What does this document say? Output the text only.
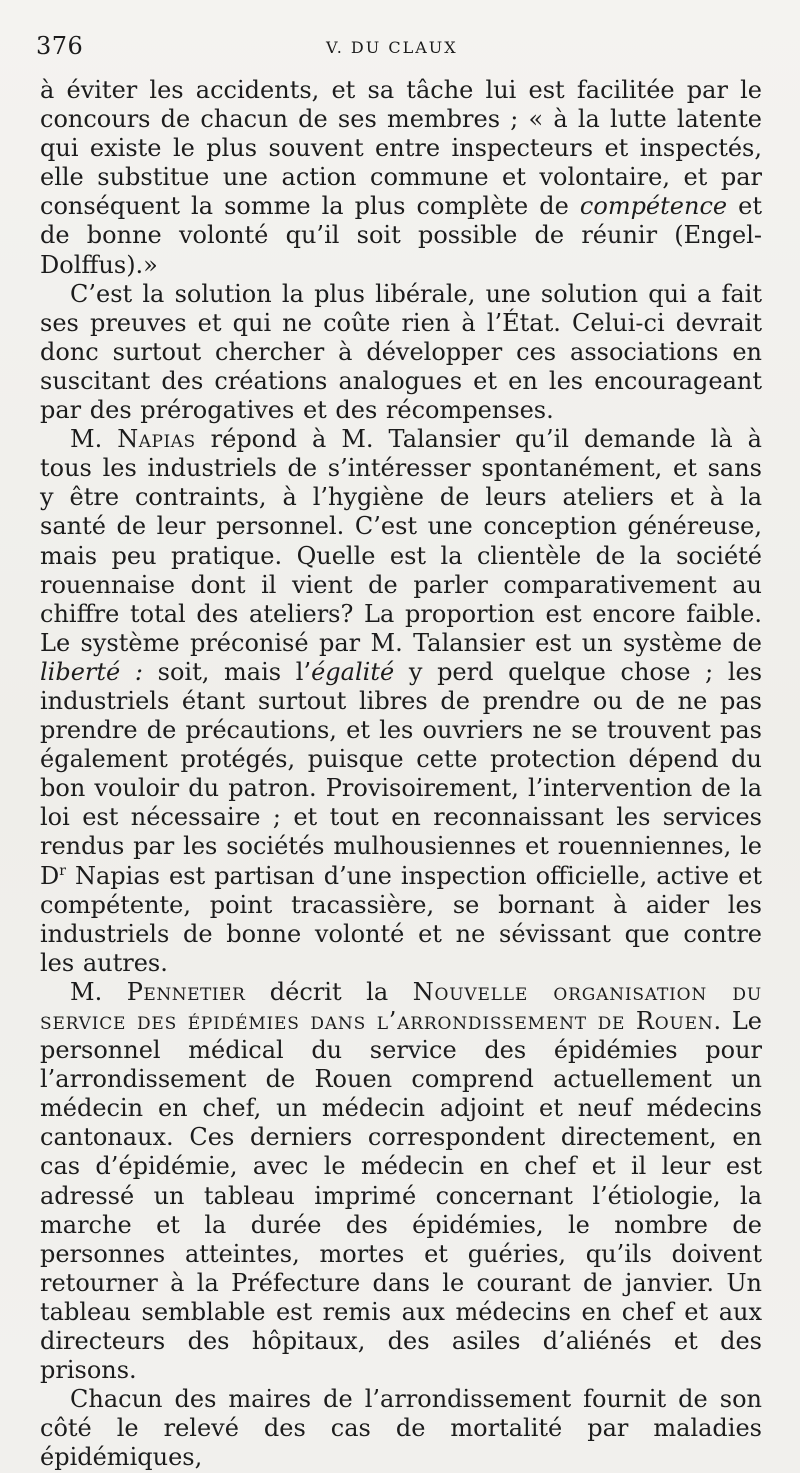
376	V. DU CLAUX

à éviter les accidents, et sa tâche lui est facilitée par le concours de chacun de ses membres ; « à la lutte latente qui existe le plus souvent entre inspecteurs et inspectés, elle substitue une action commune et volontaire, et par conséquent la somme la plus complète de compétence et de bonne volonté qu’il soit possible de réunir (Engel-Dolffus).»

C’est la solution la plus libérale, une solution qui a fait ses preuves et qui ne coûte rien à l’État. Celui-ci devrait donc surtout chercher à développer ces associations en suscitant des créations analogues et en les encourageant par des prérogatives et des récompenses.

M. Napias répond à M. Talansier qu’il demande là à tous les industriels de s’intéresser spontanément, et sans y être contraints, à l’hygiène de leurs ateliers et à la santé de leur personnel. C’est une conception généreuse, mais peu pratique. Quelle est la clientèle de la société rouennaise dont il vient de parler comparativement au chiffre total des ateliers? La proportion est encore faible. Le système préconisé par M. Talansier est un système de liberté : soit, mais l’égalité y perd quelque chose ; les industriels étant surtout libres de prendre ou de ne pas prendre de précautions, et les ouvriers ne se trouvent pas également protégés, puisque cette protection dépend du bon vouloir du patron. Provisoirement, l’intervention de la loi est nécessaire ; et tout en reconnaissant les services rendus par les sociétés mulhousiennes et rouenniennes, le $D^r$ Napias est partisan d’une inspection officielle, active et compétente, point tracassière, se bornant à aider les industriels de bonne volonté et ne sévissant que contre les autres.

M. Pennetier décrit la Nouvelle organisation du service des épidémies dans l’arrondissement de Rouen. Le personnel médical du service des épidémies pour l’arrondissement de Rouen comprend actuellement un médecin en chef, un médecin adjoint et neuf médecins cantonaux. Ces derniers correspondent directement, en cas d’épidémie, avec le médecin en chef et il leur est adressé un tableau imprimé concernant l’étiologie, la marche et la durée des épidémies, le nombre de personnes atteintes, mortes et guéries, qu’ils doivent retourner à la Préfecture dans le courant de janvier. Un tableau semblable est remis aux médecins en chef et aux directeurs des hôpitaux, des asiles d’aliénés et des prisons.

Chacun des maires de l’arrondissement fournit de son côté le relevé des cas de mortalité par maladies épidémiques,
